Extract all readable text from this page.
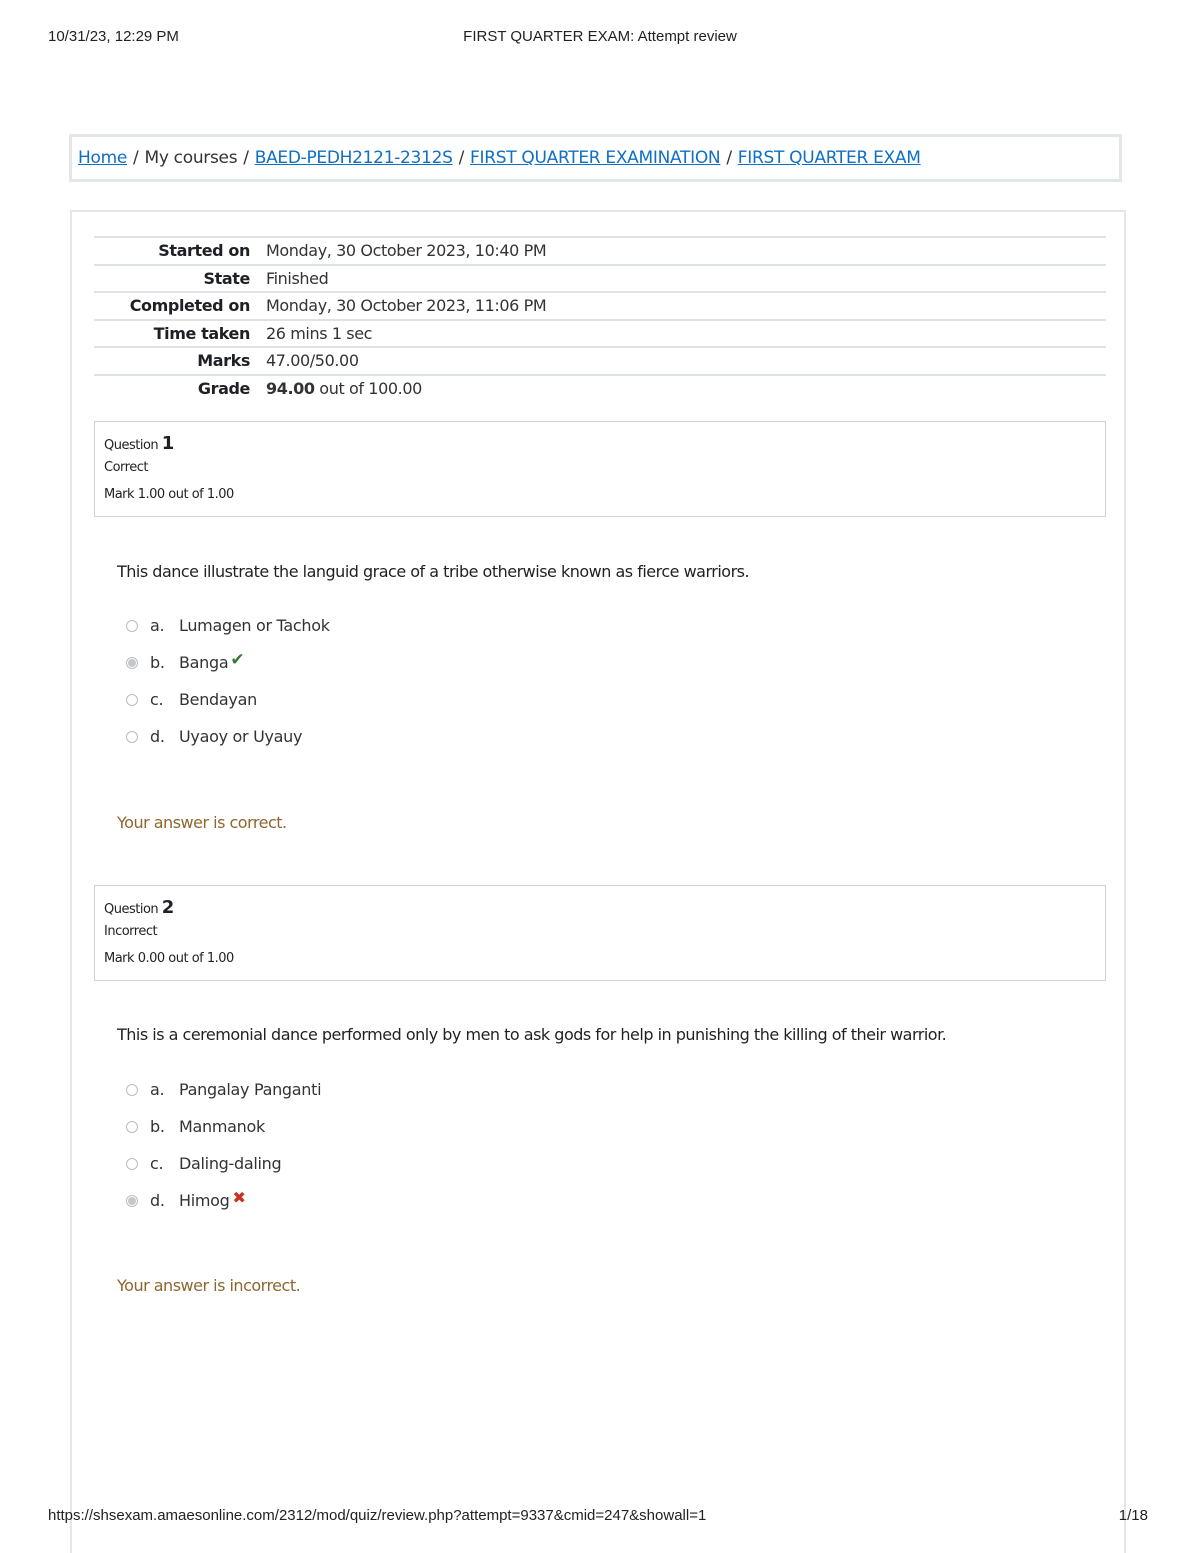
FIRST QUARTER EXAM: Attempt review
10/31/23, 12:29 PM
Home / My courses / BAED-PEDH2121-2312S / FIRST QUARTER EXAMINATION / FIRST QUARTER EXAM
Started on	Monday, 30 October 2023, 10:40 PM
State	Finished
Completed on	Monday, 30 October 2023, 11:06 PM
Time taken	26 mins 1 sec
Marks	47.00/50.00
Grade	94.00 out of 100.00
Question 1
Correct
Mark 1.00 out of 1.00
This dance illustrate the languid grace of a tribe otherwise known as fierce warriors.
a. Lumagen or Tachok
b. Banga ✔
c. Bendayan
d. Uyaoy or Uyauy
Your answer is correct.
Question 2
Incorrect
Mark 0.00 out of 1.00
This is a ceremonial dance performed only by men to ask gods for help in punishing the killing of their warrior.
a. Pangalay Panganti
b. Manmanok
c. Daling-daling
d. Himog ✖
Your answer is incorrect.
https://shsexam.amaesonline.com/2312/mod/quiz/review.php?attempt=9337&cmid=247&showall=1	1/18
